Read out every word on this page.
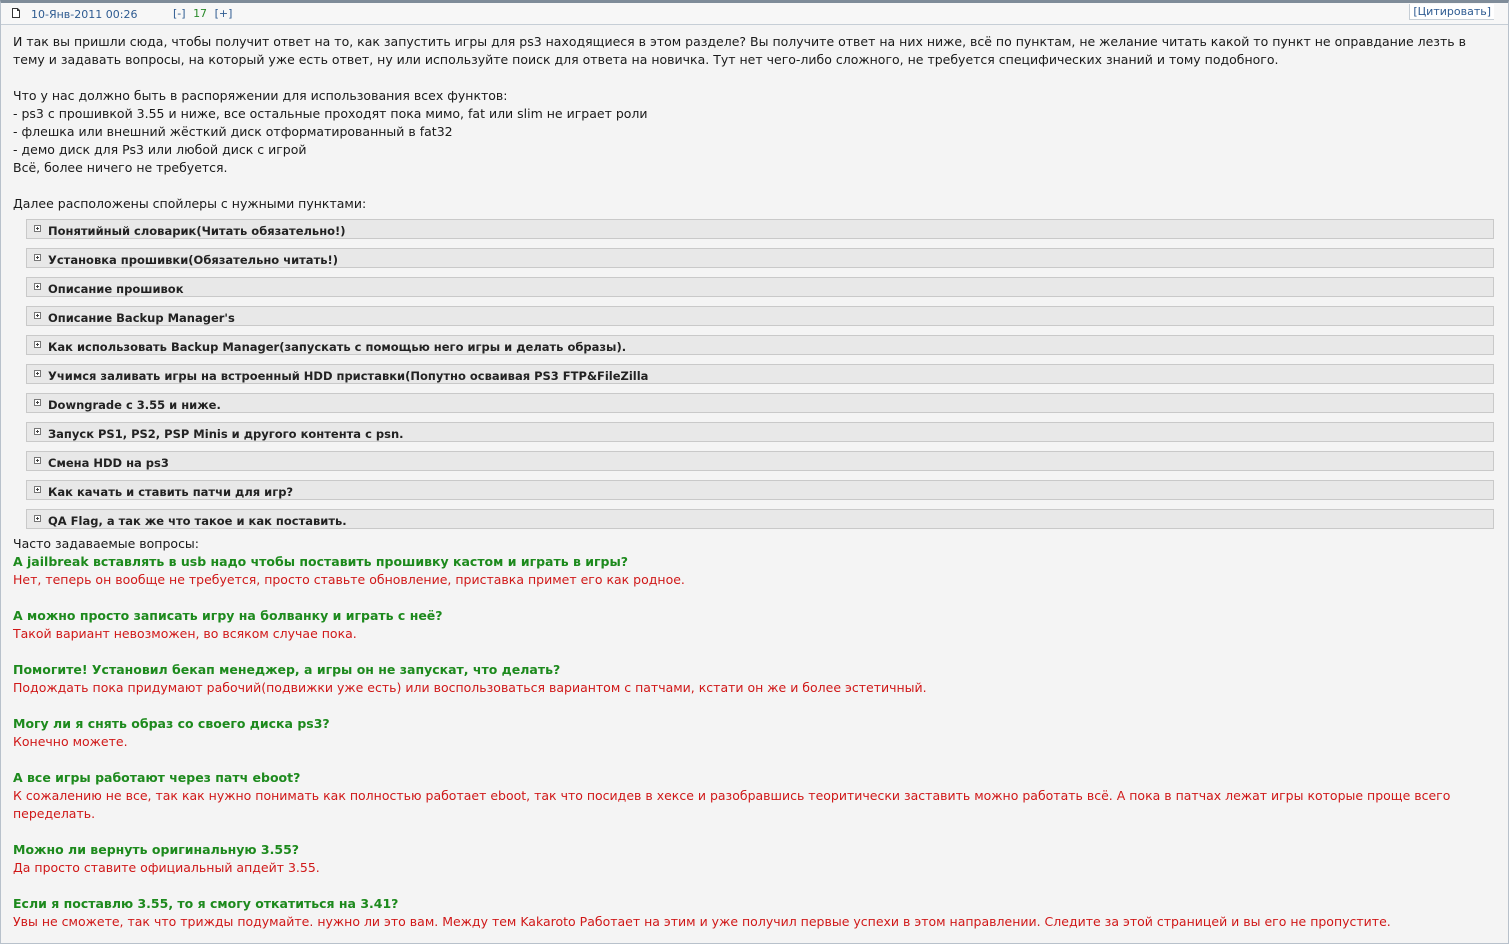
10-Янв-2011 00:26	[-] 17 [+]	[Цитировать]
И так вы пришли сюда, чтобы получит ответ на то, как запустить игры для ps3 находящиеся в этом разделе? Вы получите ответ на них ниже, всё по пунктам, не желание читать какой то пункт не оправдание лезть в тему и задавать вопросы, на который уже есть ответ, ну или используйте поиск для ответа на новичка. Тут нет чего-либо сложного, не требуется специфических знаний и тому подобного.
Что у нас должно быть в распоряжении для использования всех функтов:
- ps3 с прошивкой 3.55 и ниже, все остальные проходят пока мимо, fat или slim не играет роли
- флешка или внешний жёсткий диск отформатированный в fat32
- демо диск для Ps3 или любой диск с игрой
Всё, более ничего не требуется.
Далее расположены спойлеры с нужными пунктами:
Понятийный словарик(Читать обязательно!)
Установка прошивки(Обязательно читать!)
Описание прошивок
Описание Backup Manager's
Как использовать Backup Manager(запускать с помощью него игры и делать образы).
Учимся заливать игры на встроенный HDD приставки(Попутно осваивая PS3 FTP&FileZilla
Downgrade с 3.55 и ниже.
Запуск PS1, PS2, PSP Minis и другого контента с psn.
Смена HDD на ps3
Как качать и ставить патчи для игр?
QA Flag, а так же что такое и как поставить.
Часто задаваемые вопросы:
А jailbreak вставлять в usb надо чтобы поставить прошивку кастом и играть в игры?
Нет, теперь он вообще не требуется, просто ставьте обновление, приставка примет его как родное.
А можно просто записать игру на болванку и играть с неё?
Такой вариант невозможен, во всяком случае пока.
Помогите! Установил бекап менеджер, а игры он не запускат, что делать?
Подождать пока придумают рабочий(подвижки уже есть) или воспользоваться вариантом с патчами, кстати он же и более эстетичный.
Могу ли я снять образ со своего диска ps3?
Конечно можете.
А все игры работают через патч eboot?
К сожалению не все, так как нужно понимать как полностью работает eboot, так что посидев в хексе и разобравшись теоритически заставить можно работать всё. А пока в патчах лежат игры которые проще всего переделать.
Можно ли вернуть оригинальную 3.55?
Да просто ставите официальный апдейт 3.55.
Если я поставлю 3.55, то я смогу откатиться на 3.41?
Увы не сможете, так что трижды подумайте. нужно ли это вам. Между тем Kakaroto Работает на этим и уже получил первые успехи в этом направлении. Следите за этой страницей и вы его не пропустите.
